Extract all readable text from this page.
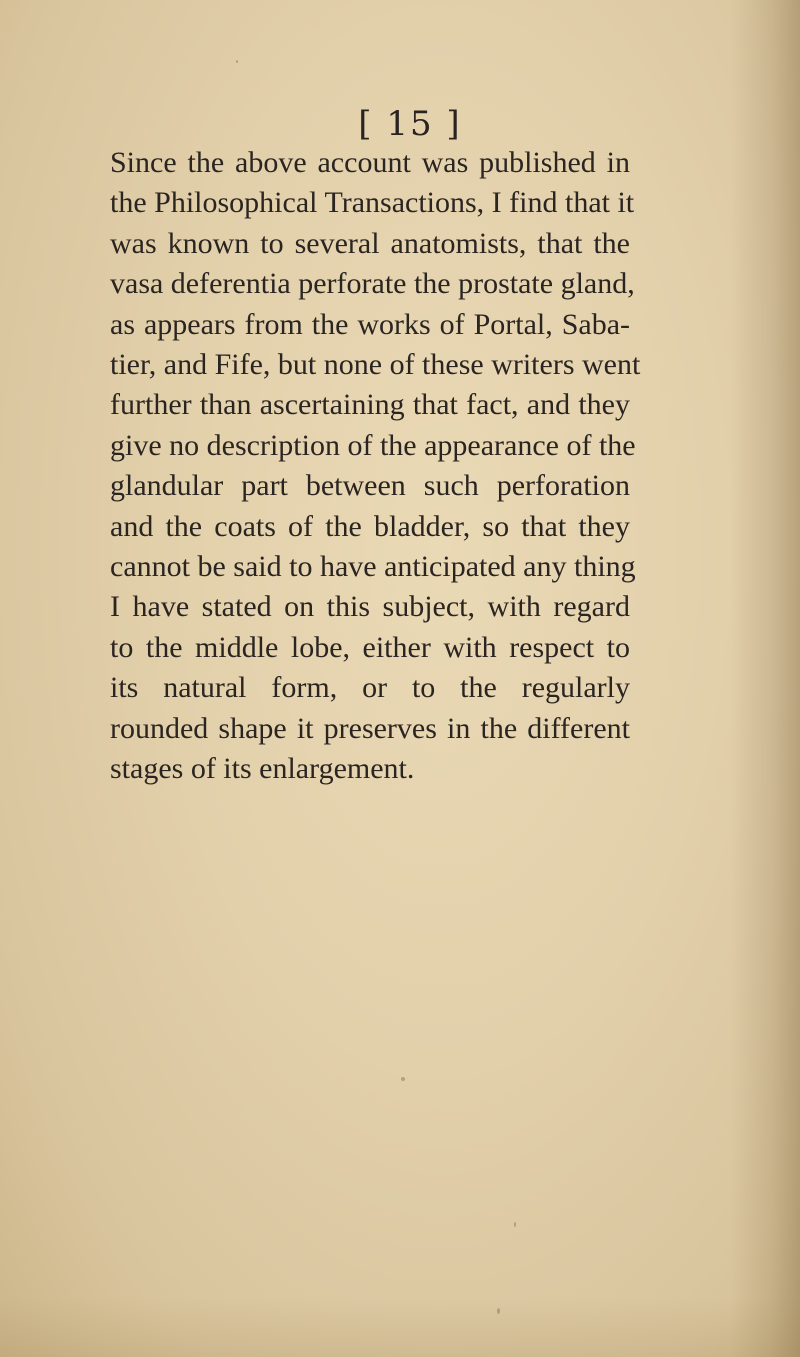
[ 15 ]
Since the above account was published in
the Philosophical Transactions, I find that it
was known to several anatomists, that the
vasa deferentia perforate the prostate gland,
as appears from the works of Portal, Saba-
tier, and Fife, but none of these writers went
further than ascertaining that fact, and they
give no description of the appearance of the
glandular part between such perforation
and the coats of the bladder, so that they
cannot be said to have anticipated any thing
I have stated on this subject, with regard
to the middle lobe, either with respect to
its natural form, or to the regularly
rounded shape it preserves in the different
stages of its enlargement.
